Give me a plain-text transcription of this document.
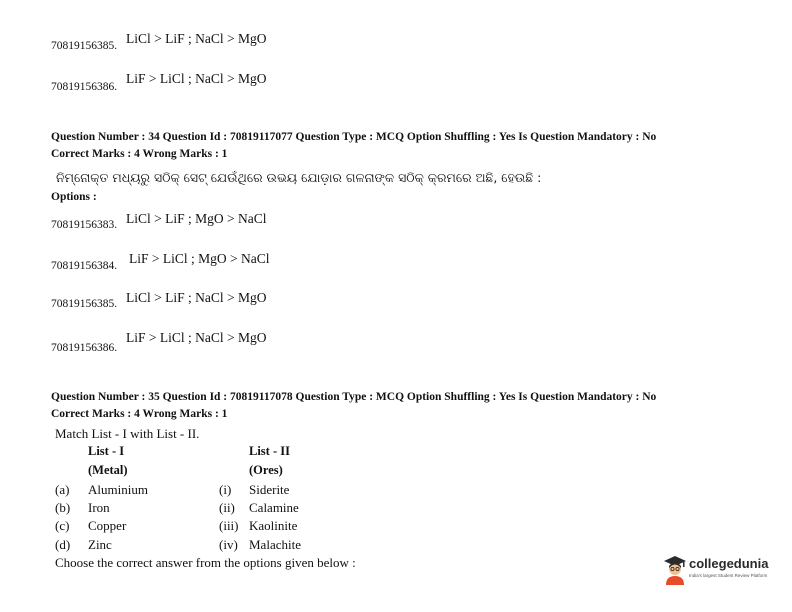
70819156385. LiCl > LiF ; NaCl > MgO
70819156386.
LiF > LiCl ; NaCl > MgO
Question Number : 34 Question Id : 70819117077 Question Type : MCQ Option Shuffling : Yes Is Question Mandatory : No
Correct Marks : 4 Wrong Marks : 1
ନିମ୍ନୋକ୍ତ ମଧ୍ୟରୁ ସଠିକ୍ ସେଟ୍ ଯେଉଁଥିରେ ଉଭୟ ଯୋଡ଼ାର ଗଳନାଙ୍କ ସଠିକ୍ କ୍ରମରେ ଅଛି, ହେଉଛି :
Options :
70819156383. LiCl > LiF ; MgO > NaCl
70819156384. LiF > LiCl ; MgO > NaCl
70819156385. LiCl > LiF ; NaCl > MgO
70819156386.
LiF > LiCl ; NaCl > MgO
Question Number : 35 Question Id : 70819117078 Question Type : MCQ Option Shuffling : Yes Is Question Mandatory : No
Correct Marks : 4 Wrong Marks : 1
Match List - I with List - II.
List - I	List - II
(Metal)	(Ores)
(a) Aluminium	(i) Siderite
(b) Iron	(ii) Calamine
(c) Copper	(iii) Kaolinite
(d) Zinc	(iv) Malachite
Choose the correct answer from the options given below :	collegedunia
India's largest Student Review Platform
